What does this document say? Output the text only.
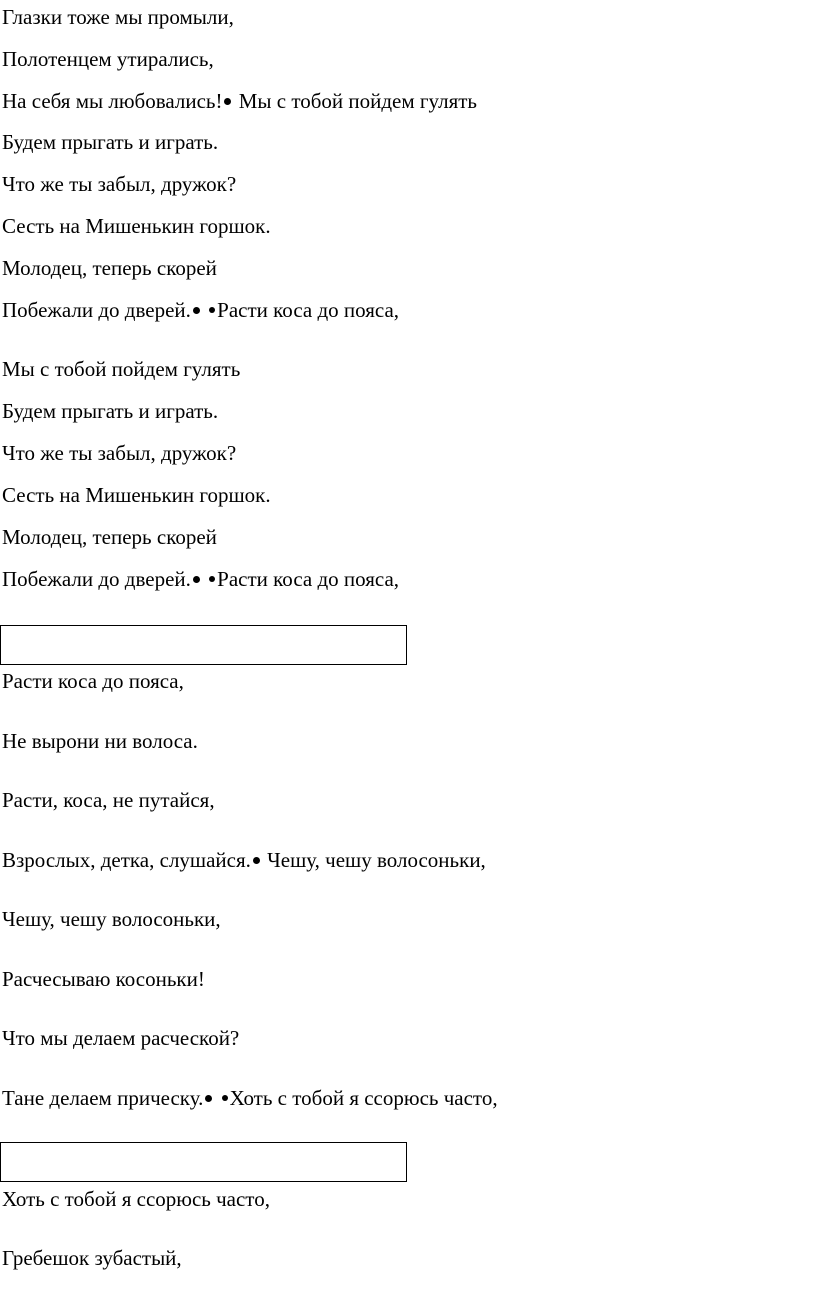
Глазки тоже мы промыли,
Полотенцем утирались,
На себя мы любовались! Мы с тобой пойдем гулять
Будем прыгать и играть.
Что же ты забыл, дружок?
Сесть на Мишенькин горшок.
Молодец, теперь скорей
Побежали до дверей. Расти коса до пояса,
Мы с тобой пойдем гулять
Будем прыгать и играть.
Что же ты забыл, дружок?
Сесть на Мишенькин горшок.
Молодец, теперь скорей
Побежали до дверей. Расти коса до пояса,
Расти коса до пояса,
Не вырони ни волоса.
Расти, коса, не путайся,
Взрослых, детка, слушайся. Чешу, чешу волосоньки,
Чешу, чешу волосоньки,
Расчесываю косоньки!
Что мы делаем расческой?
Тане делаем прическу. Хоть с тобой я ссорюсь часто,
Хоть с тобой я ссорюсь часто,
Гребешок зубастый,
